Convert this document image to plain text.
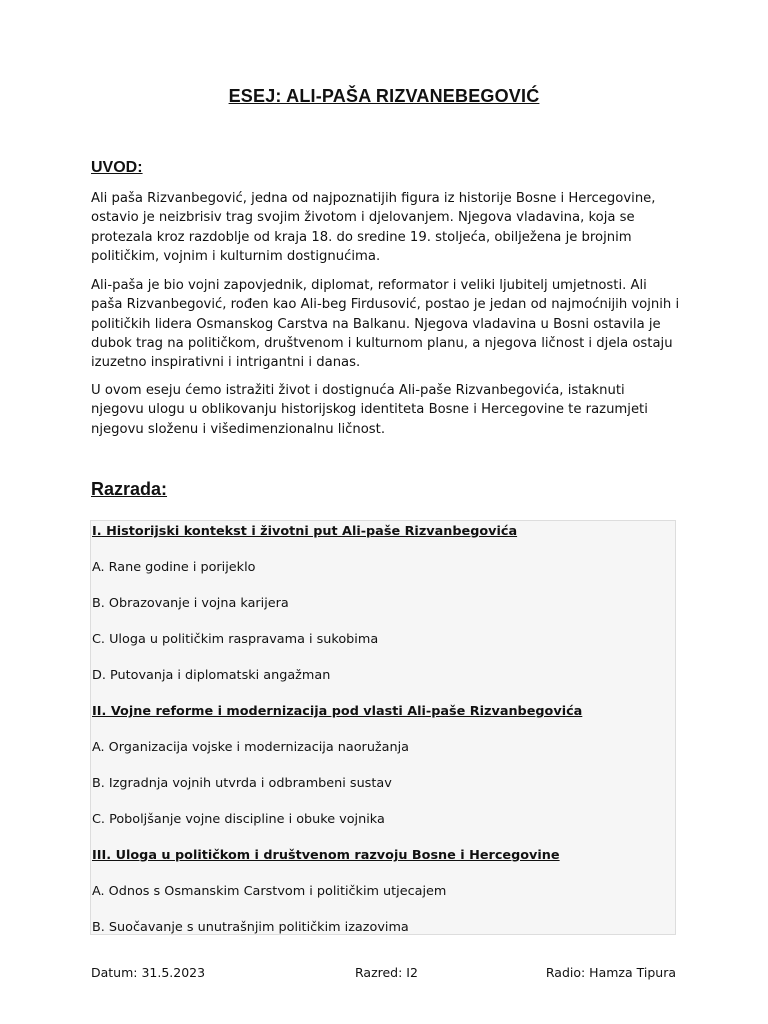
ESEJ: ALI-PAŠA RIZVANEBEGOVIĆ
UVOD:

Ali paša Rizvanbegović, jedna od najpoznatijih figura iz historije Bosne i Hercegovine, ostavio je neizbrisiv trag svojim životom i djelovanjem. Njegova vladavina, koja se protezala kroz razdoblje od kraja 18. do sredine 19. stoljeća, obilježena je brojnim političkim, vojnim i kulturnim dostignućima.

Ali-paša je bio vojni zapovjednik, diplomat, reformator i veliki ljubitelj umjetnosti. Ali paša Rizvanbegović, rođen kao Ali-beg Firdusović, postao je jedan od najmoćnijih vojnih i političkih lidera Osmanskog Carstva na Balkanu. Njegova vladavina u Bosni ostavila je dubok trag na političkom, društvenom i kulturnom planu, a njegova ličnost i djela ostaju izuzetno inspirativni i intrigantni i danas.

U ovom eseju ćemo istražiti život i dostignuća Ali-paše Rizvanbegovića, istaknuti njegovu ulogu u oblikovanju historijskog identiteta Bosne i Hercegovine te razumjeti njegovu složenu i višedimenzionalnu ličnost.

Razrada:
I. Historijski kontekst i životni put Ali-paše Rizvanbegovića
A. Rane godine i porijeklo
B. Obrazovanje i vojna karijera
C. Uloga u političkim raspravama i sukobima
D. Putovanja i diplomatski angažman
II. Vojne reforme i modernizacija pod vlasti Ali-paše Rizvanbegovića
A. Organizacija vojske i modernizacija naoružanja
B. Izgradnja vojnih utvrda i odbrambeni sustav
C. Poboljšanje vojne discipline i obuke vojnika
III. Uloga u političkom i društvenom razvoju Bosne i Hercegovine
A. Odnos s Osmanskim Carstvom i političkim utjecajem
B. Suočavanje s unutrašnjim političkim izazovima
Datum: 31.5.2023	Razred: I2	Radio: Hamza Tipura
